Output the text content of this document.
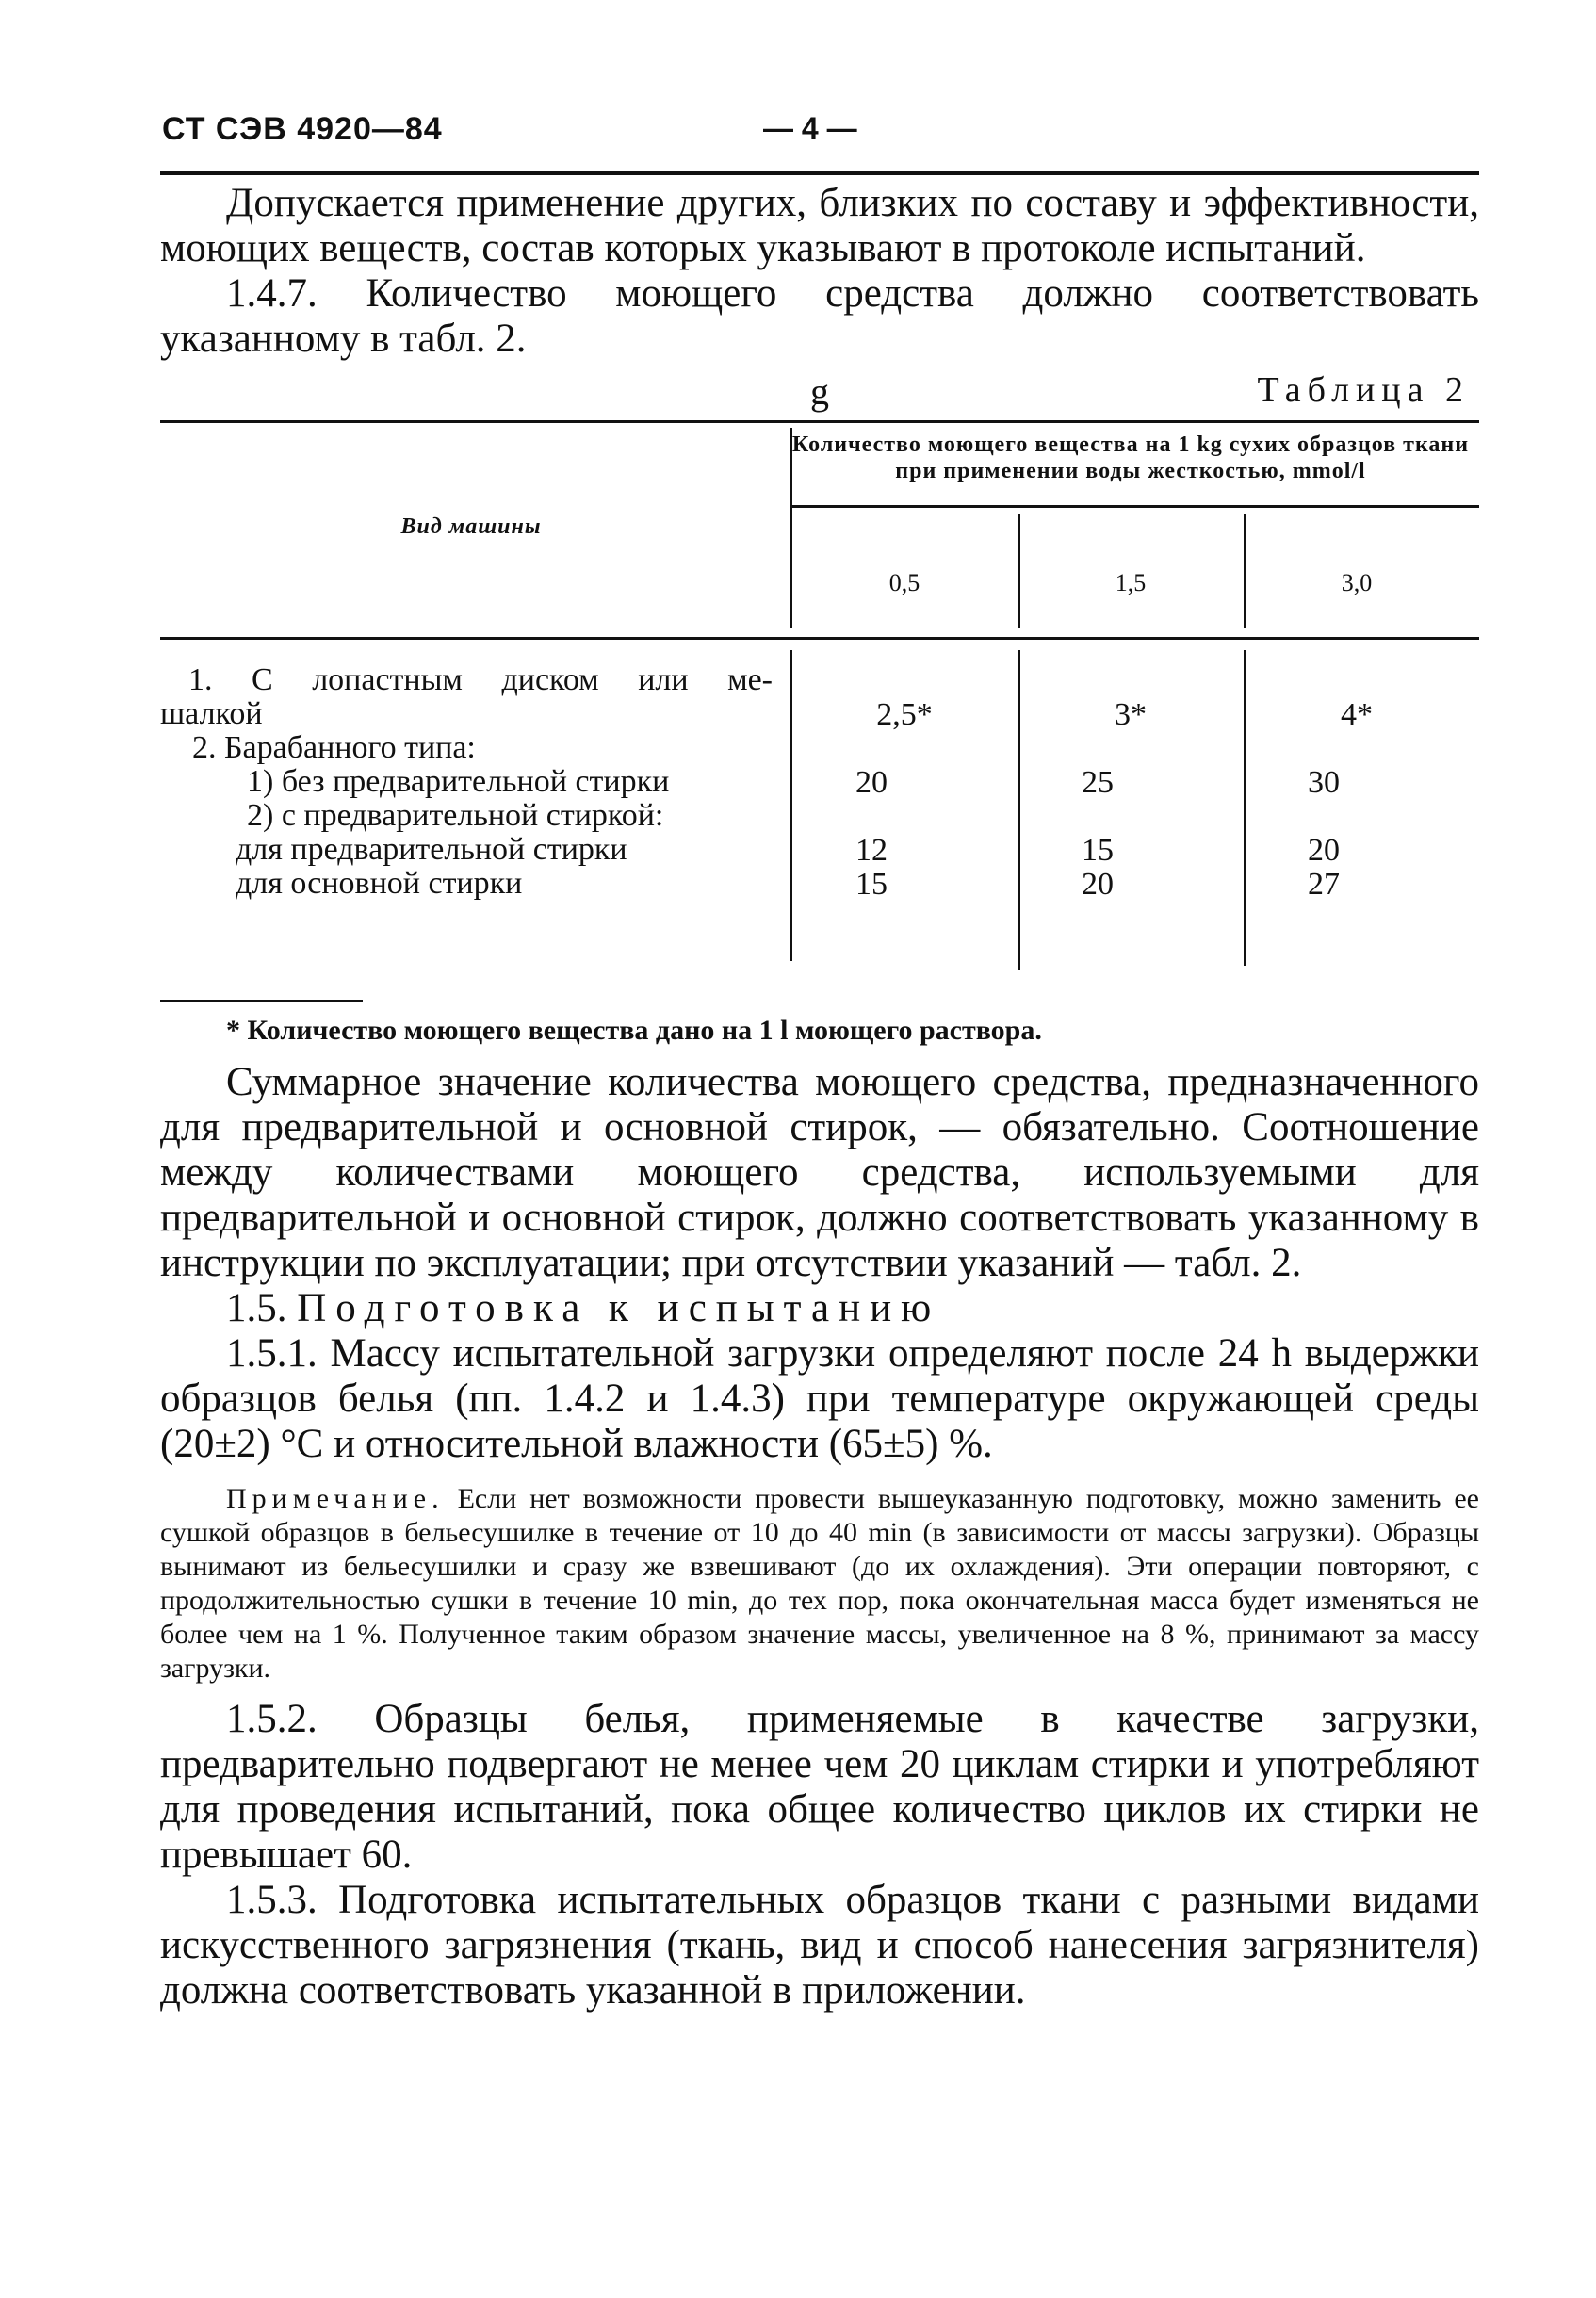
СТ СЭВ 4920—84	— 4 —

Допускается применение других, близких по составу и эффективности, моющих веществ, состав которых указывают в протоколе испытаний.

1.4.7. Количество моющего средства должно соответствовать указанному в табл. 2.

g	Таблица 2
Количество моющего вещества на 1 kg сухих образцов ткани при применении воды жесткостью, mmol/l
Вид машины
0,5	1,5	3,0
1. С лопастным диском или ме-
шалкой	2,5*	3*	4*
2. Барабанного типа:
1) без предварительной стирки	20	25	30
2) с предварительной стиркой:
для предварительной стирки	12	15	20
для основной стирки	15	20	27
* Количество моющего вещества дано на 1 l моющего раствора.

Суммарное значение количества моющего средства, предназначенного для предварительной и основной стирок, — обязательно. Соотношение между количествами моющего средства, используемыми для предварительной и основной стирок, должно соответствовать указанному в инструкции по эксплуатации; при отсутствии указаний — табл. 2.

1.5. Подготовка к испытанию

1.5.1. Массу испытательной загрузки определяют после 24 h выдержки образцов белья (пп. 1.4.2 и 1.4.3) при температуре окружающей среды (20±2) °С и относительной влажности (65±5) %.

Примечание. Если нет возможности провести вышеуказанную подготовку, можно заменить ее сушкой образцов в бельесушилке в течение от 10 до 40 min (в зависимости от массы загрузки). Образцы вынимают из бельесушилки и сразу же взвешивают (до их охлаждения). Эти операции повторяют, с продолжительностью сушки в течение 10 min, до тех пор, пока окончательная масса будет изменяться не более чем на 1 %. Полученное таким образом значение массы, увеличенное на 8 %, принимают за массу загрузки.

1.5.2. Образцы белья, применяемые в качестве загрузки, предварительно подвергают не менее чем 20 циклам стирки и употребляют для проведения испытаний, пока общее количество циклов их стирки не превышает 60.

1.5.3. Подготовка испытательных образцов ткани с разными видами искусственного загрязнения (ткань, вид и способ нанесения загрязнителя) должна соответствовать указанной в приложении.
